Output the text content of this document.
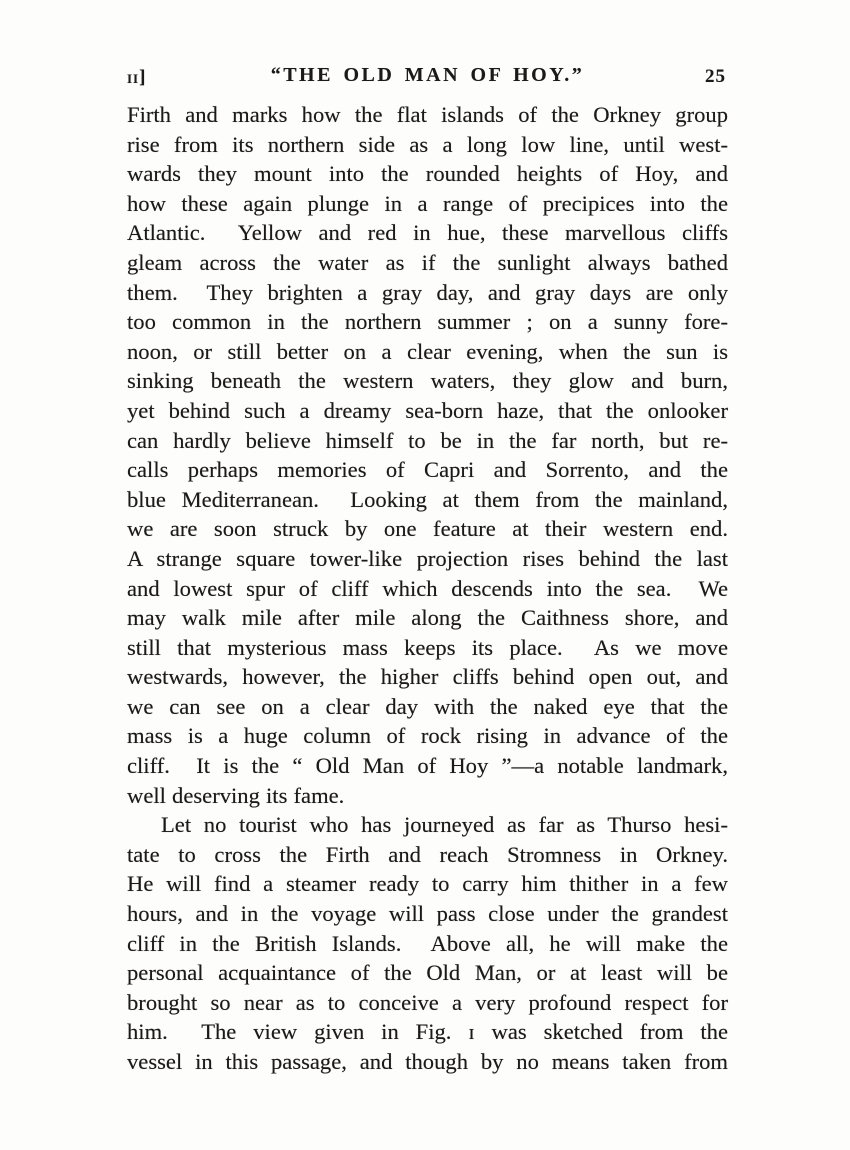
ii]	“THE OLD MAN OF HOY.”	25
Firth and marks how the flat islands of the Orkney group
rise from its northern side as a long low line, until west-
wards they mount into the rounded heights of Hoy, and
how these again plunge in a range of precipices into the
Atlantic.  Yellow and red in hue, these marvellous cliffs
gleam across the water as if the sunlight always bathed
them.  They brighten a gray day, and gray days are only
too common in the northern summer ; on a sunny fore-
noon, or still better on a clear evening, when the sun is
sinking beneath the western waters, they glow and burn,
yet behind such a dreamy sea-born haze, that the onlooker
can hardly believe himself to be in the far north, but re-
calls perhaps memories of Capri and Sorrento, and the
blue Mediterranean.  Looking at them from the mainland,
we are soon struck by one feature at their western end.
A strange square tower-like projection rises behind the last
and lowest spur of cliff which descends into the sea.  We
may walk mile after mile along the Caithness shore, and
still that mysterious mass keeps its place.  As we move
westwards, however, the higher cliffs behind open out, and
we can see on a clear day with the naked eye that the
mass is a huge column of rock rising in advance of the
cliff.  It is the “ Old Man of Hoy ”—a notable landmark,
well deserving its fame.
Let no tourist who has journeyed as far as Thurso hesi-
tate to cross the Firth and reach Stromness in Orkney.
He will find a steamer ready to carry him thither in a few
hours, and in the voyage will pass close under the grandest
cliff in the British Islands.  Above all, he will make the
personal acquaintance of the Old Man, or at least will be
brought so near as to conceive a very profound respect for
him.  The view given in Fig. ɪ was sketched from the
vessel in this passage, and though by no means taken from
